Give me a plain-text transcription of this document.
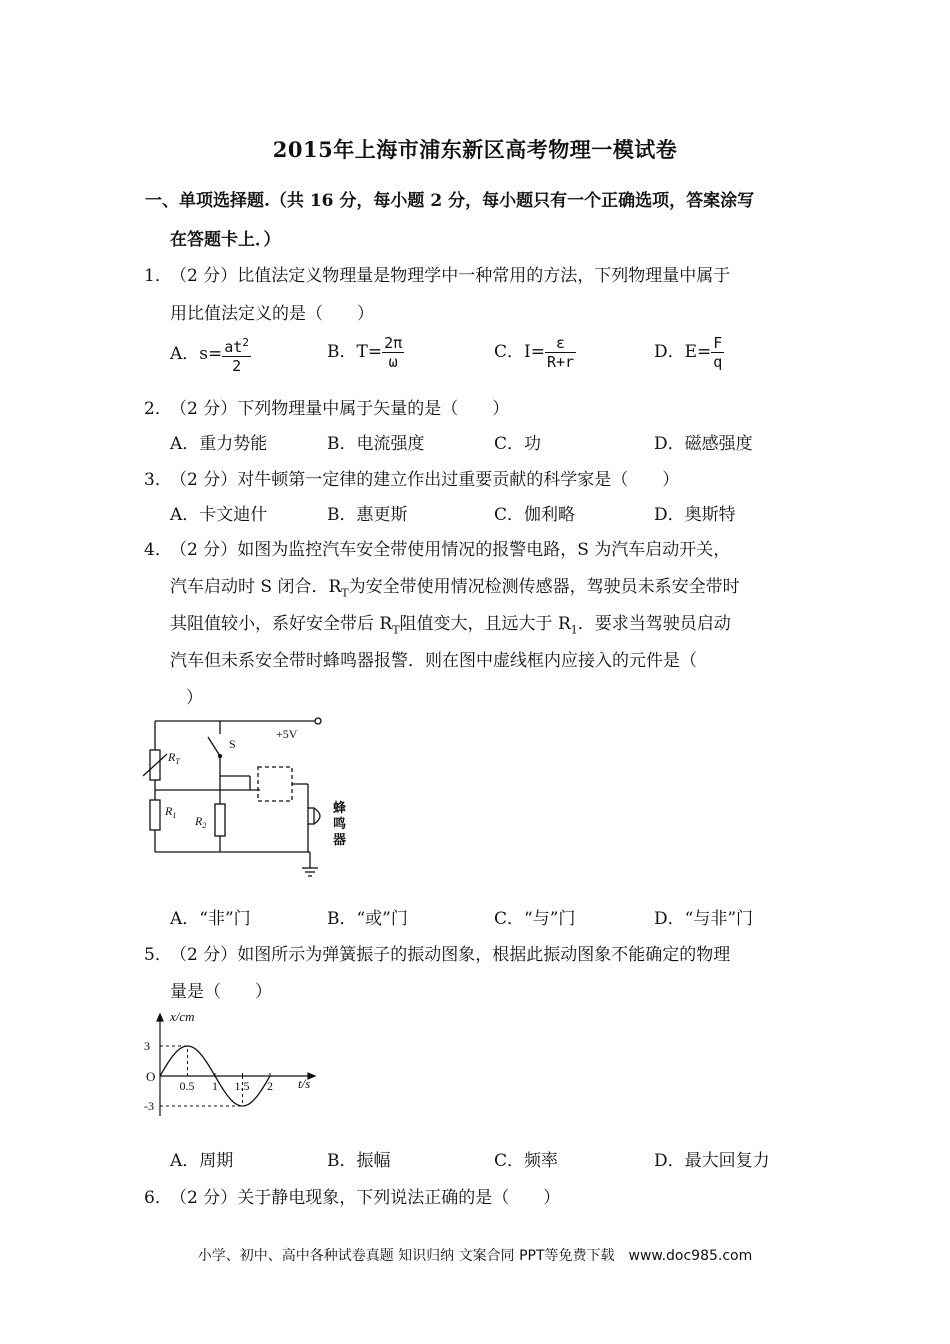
2015年上海市浦东新区高考物理一模试卷
一、单项选择题.（共 16 分，每小题 2 分，每小题只有一个正确选项，答案涂写
在答题卡上．）
1．
（2 分）比值法定义物理量是物理学中一种常用的方法，下列物理量中属于
用比值法定义的是（　　）
A．$s= \frac{at^2}{2}$	B．$T= \frac{2\pi}{\omega}$	C．$I= \frac{\varepsilon}{R+r}$	D．$E= \frac{F}{q}$
2．
（2 分）下列物理量中属于矢量的是（　　）
A．重力势能	B．电流强度	C．功	D．磁感强度
3．
（2 分）对牛顿第一定律的建立作出过重要贡献的科学家是（　　）
A．卡文迪什	B．惠更斯	C．伽利略	D．奥斯特
4．
（2 分）如图为监控汽车安全带使用情况的报警电路，S 为汽车启动开关，
汽车启动时 S 闭合．$R_T$为安全带使用情况检测传感器，驾驶员未系安全带时
其阻值较小，系好安全带后 $R_T$阻值变大，且远大于 $R_1$．要求当驾驶员启动
汽车但未系安全带时蜂鸣器报警．则在图中虚线框内应接入的元件是（
）
+5V
S
$R_T$
$R_1$ $R_2$
蜂
鸣
器
A．“非”门	B．“或”门	C．“与”门	D．“与非”门
5．
（2 分）如图所示为弹簧振子的振动图象，根据此振动图象不能确定的物理
量是（　　）
x/cm
t/s
O
3
-3
0.5 1 1.5 2
A．周期	B．振幅	C．频率	D．最大回复力
6．
（2 分）关于静电现象，下列说法正确的是（　　）
小学、初中、高中各种试卷真题 知识归纳 文案合同 PPT等免费下载　www.doc985.com
